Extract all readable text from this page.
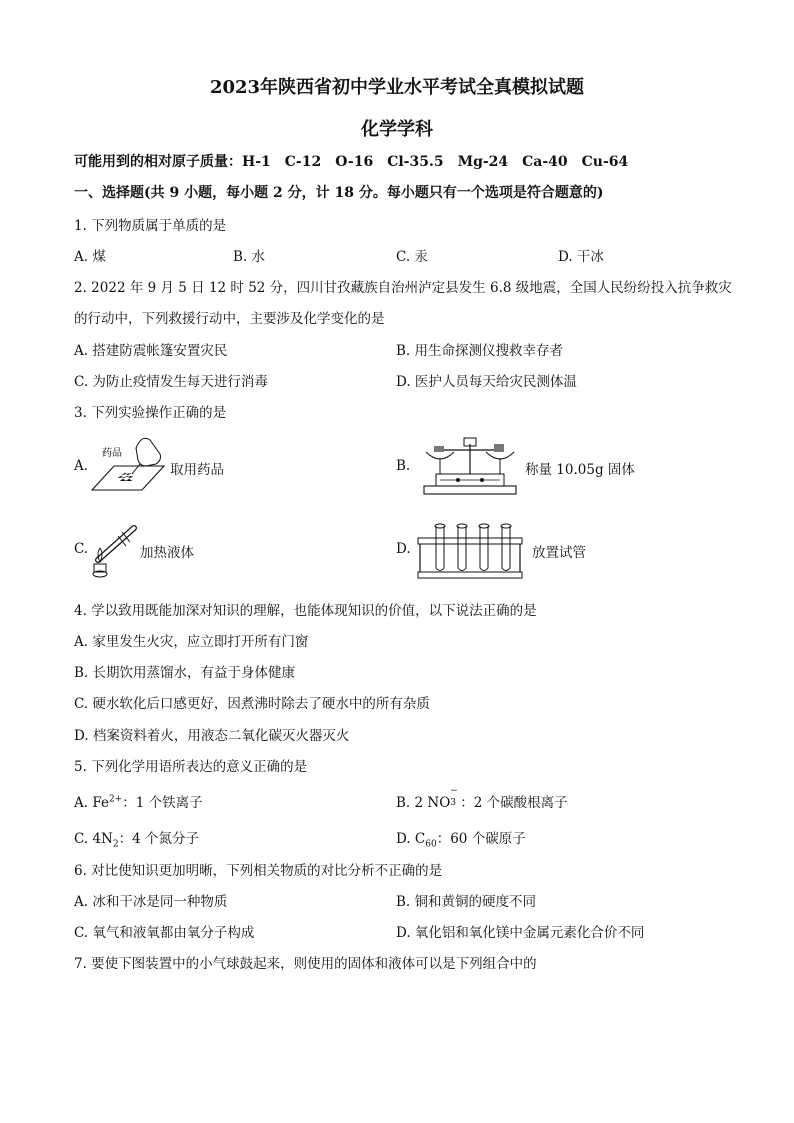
2023年陕西省初中学业水平考试全真模拟试题
化学学科
可能用到的相对原子质量：H-1　C-12　O-16　Cl-35.5　Mg-24　Ca-40　Cu-64
一、选择题(共 9 小题，每小题 2 分，计 18 分。每小题只有一个选项是符合题意的)
1. 下列物质属于单质的是
A. 煤	B. 水	C. 汞	D. 干冰
2. 2022 年 9 月 5 日 12 时 52 分，四川甘孜藏族自治州泸定县发生 6.8 级地震，全国人民纷纷投入抗争救灾
的行动中，下列救援行动中，主要涉及化学变化的是
A. 搭建防震帐篷安置灾民	B. 用生命探测仪搜救幸存者
C. 为防止疫情发生每天进行消毒	D. 医护人员每天给灾民测体温
3. 下列实验操作正确的是
A.
药品
取用药品	B.	称量 10.05g 固体
C.	加热液体	D.	放置试管
4. 学以致用既能加深对知识的理解，也能体现知识的价值，以下说法正确的是
A. 家里发生火灾，应立即打开所有门窗
B. 长期饮用蒸馏水，有益于身体健康
C. 硬水软化后口感更好，因煮沸时除去了硬水中的所有杂质
D. 档案资料着火，用液态二氧化碳灭火器灭火
5. 下列化学用语所表达的意义正确的是
A. $Fe^{2+}$：1 个铁离子	B. 2 NO
−
3 ：2 个碳酸根离子
C. $4N_2$：4 个氮分子	D. $C_{60}$：60 个碳原子
6. 对比使知识更加明晰，下列相关物质的对比分析不正确的是
A. 冰和干冰是同一种物质	B. 铜和黄铜的硬度不同
C. 氧气和液氧都由氧分子构成	D. 氧化铝和氧化镁中金属元素化合价不同
7. 要使下图装置中的小气球鼓起来，则使用的固体和液体可以是下列组合中的
